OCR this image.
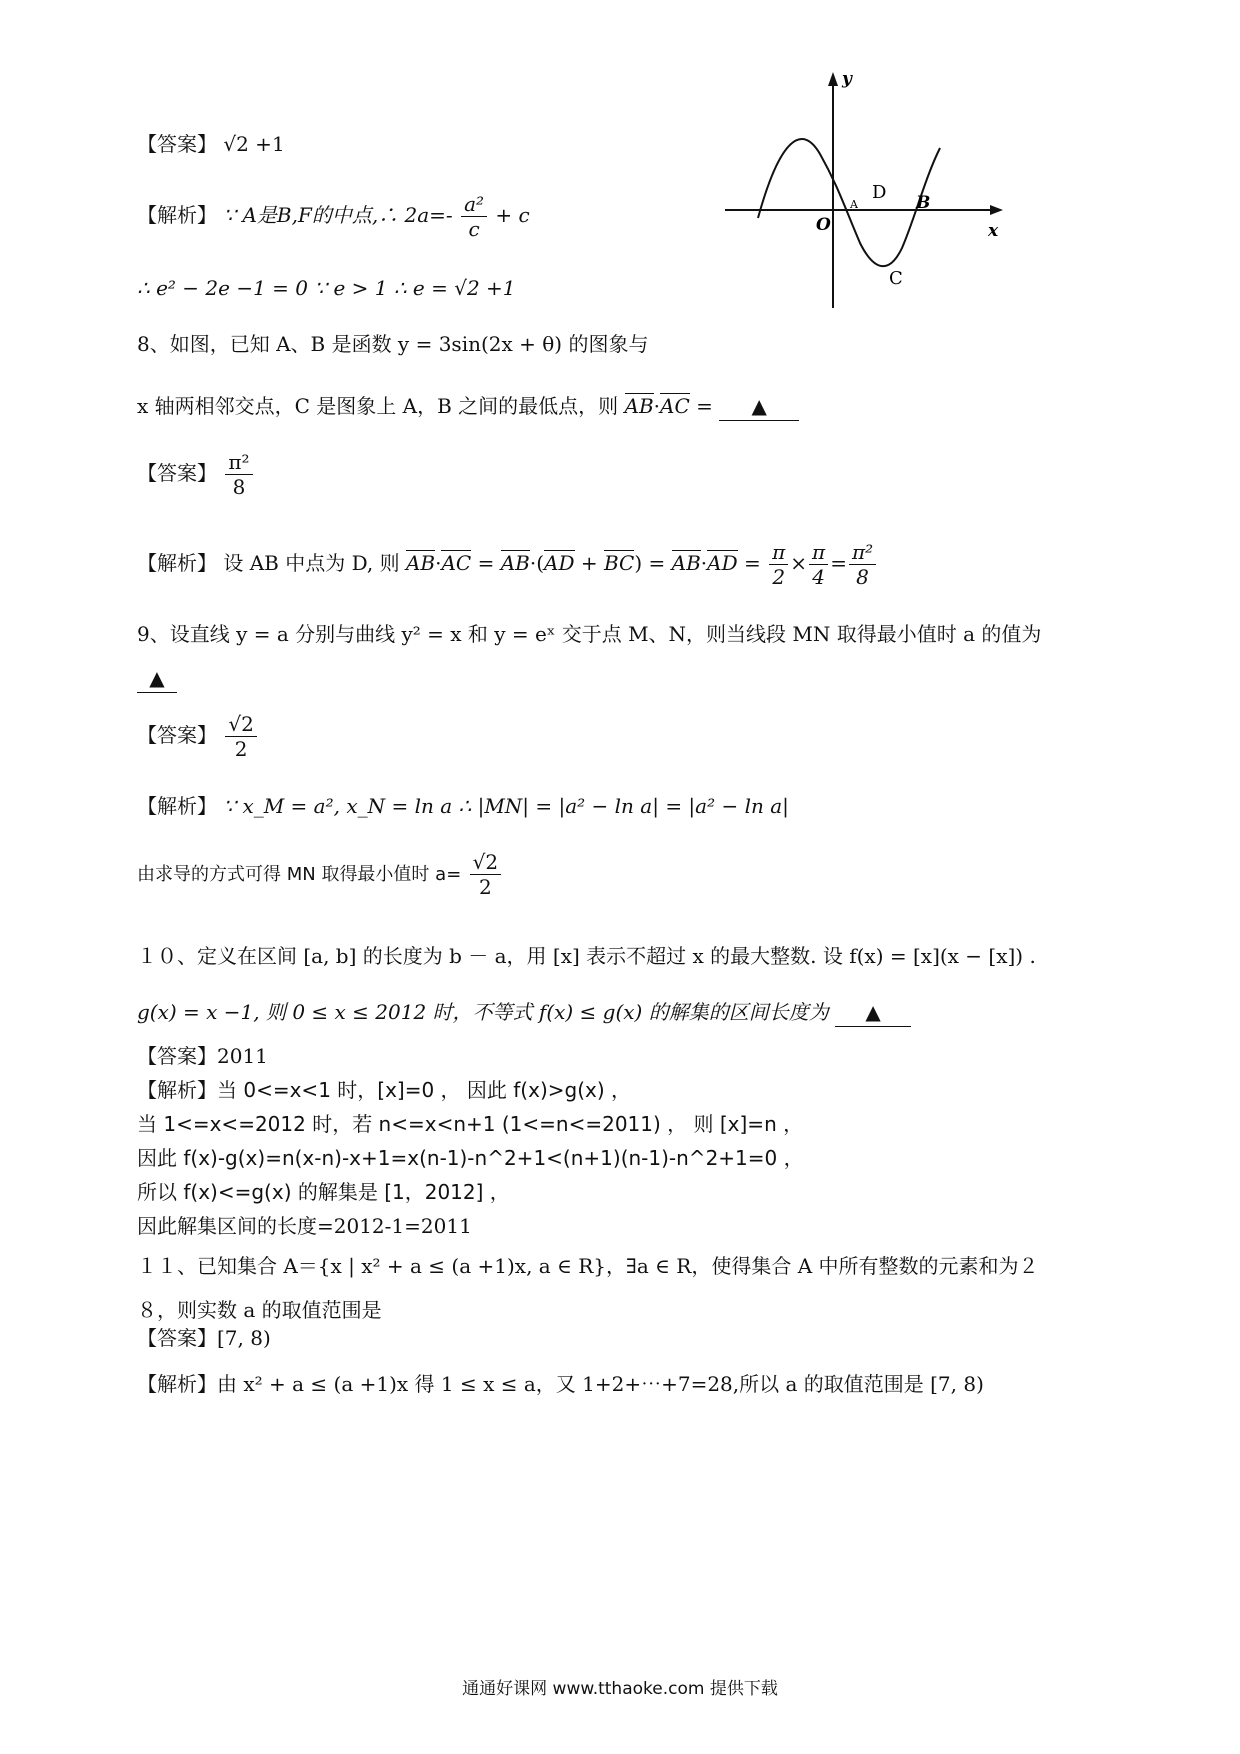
【答案】 √2 +1
【解析】 ∵ A是B,F的中点,∴ $2a=- \frac{\text{a²}}{c} + c$
∴ e² − 2e −1 = 0 ∵ e > 1 ∴ e = √2 +1
y
x
O
A
D B
C
8、如图，已知 A、B 是函数 y = 3sin(2x + θ) 的图象与
x 轴两相邻交点，C 是图象上 A，B 之间的最低点，则 AB·AC = ▲
【答案】 $\frac{\text{π²}}{8}$
【解析】 设 AB 中点为 D, 则 $AB\cdot AC = AB\cdot(AD + BC) = AB\cdot AD = \frac{\pi}{2} \times \frac{\pi}{4} = \frac{\text{π²}}{8}$
9、设直线 y = a 分别与曲线 y² = x 和 y = eˣ 交于点 M、N，则当线段 MN 取得最小值时 a 的值为
▲
【答案】 $\frac{√2}{2}$
【解析】 ∵ x_M = a², x_N = ln a ∴ |MN| = |a² − ln a| = |a² − ln a|
由求导的方式可得 MN 取得最小值时 $a= \frac{√2}{2}$
１０、定义在区间 [a, b] 的长度为 b － a，用 [x] 表示不超过 x 的最大整数. 设 f(x) = [x](x − [x]) .
g(x) = x −1, 则 0 ≤ x ≤ 2012 时，不等式 f(x) ≤ g(x) 的解集的区间长度为 ▲
【答案】2011
【解析】当 0<=x<1 时，[x]=0 ， 因此 f(x)>g(x) ，
当 1<=x<=2012 时，若 n<=x<n+1 (1<=n<=2011) ， 则 [x]=n ，
因此 f(x)-g(x)=n(x-n)-x+1=x(n-1)-n^2+1<(n+1)(n-1)-n^2+1=0 ，
所以 f(x)<=g(x) 的解集是 [1，2012] ，
因此解集区间的长度=2012-1=2011
１１、已知集合 A＝{x | x² + a ≤ (a +1)x, a ∈ R}，∃a ∈ R，使得集合 A 中所有整数的元素和为２
８，则实数 a 的取值范围是
【答案】[7, 8)
【解析】由 x² + a ≤ (a +1)x 得 1 ≤ x ≤ a，又 1+2+⋯+7=28,所以 a 的取值范围是 [7, 8)
通通好课网 www.tthaoke.com 提供下载
